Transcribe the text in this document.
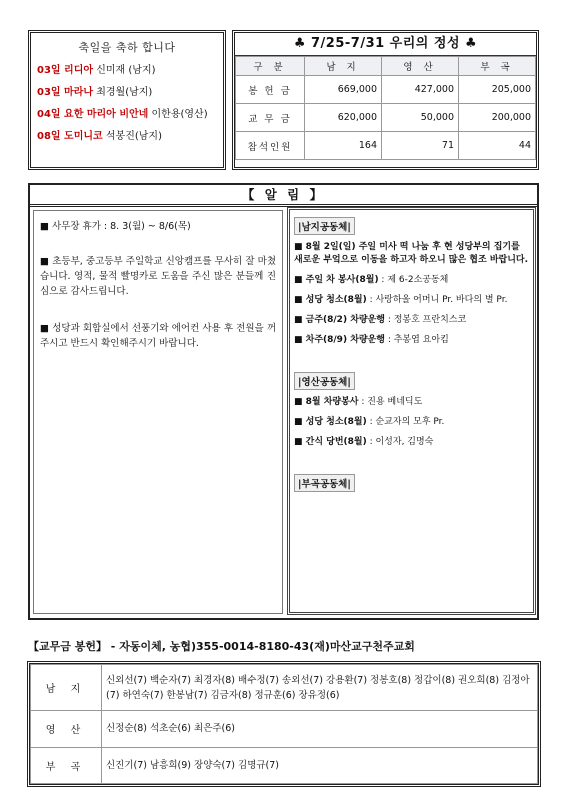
축일을 축하 합니다
03일 리디아 신미재 (남지)
03일 마라나 최경월(남지)
04일 요한 마리아 비안네 이한용(영산)
08일 도미니코 석봉진(남지)
♣ 7/25-7/31 우리의 정성 ♣
구 분	남 지	영 산	부 곡
봉 헌 금	669,000	427,000	205,000
교 무 금	620,000	50,000	200,000
참석인원	164	71	44
【 알 림 】

■ 사무장 휴가 : 8. 3(월) ~ 8/6(목)

■ 초등부, 중고등부 주일학교 신앙캠프를 무사히 잘 마쳤습니다. 영적, 물적 빨명카로 도움을 주신 많은 분들께 진심으로 감사드립니다.

■ 성당과 회합실에서 선풍기와 에어컨 사용 후 전원을 꺼주시고 반드시 확인해주시기 바랍니다.

|남지공동체|

■ 8월 2일(일) 주일 미사 떡 나눔 후 현 성당부의 집기를 새로운 부엌으로 이동을 하고자 하오니 많은 협조 바랍니다.

■ 주일 차 봉사(8월) : 제 6-2소공동체

■ 성당 청소(8월) : 사랑하올 어머니 Pr. 바다의 별 Pr.

■ 금주(8/2) 차량운행 : 정봉호 프란치스코

■ 차주(8/9) 차량운행 : 추봉엽 요아킴

|영산공동체|

■ 8월 차량봉사 : 진용 베네딕도

■ 성당 청소(8월) : 순교자의 모후 Pr.

■ 간식 당번(8월) : 이성자, 김명숙

|부곡공동체|
【교무금 봉헌】 - 자동이체, 농협)355-0014-8180-43(재)마산교구천주교회
남 지	신외선(7) 백순자(7) 최경자(8) 배수정(7) 송외선(7) 강용환(7) 정봉호(8) 정갑이(8) 권오희(8) 김정아(7) 하연숙(7) 한봉남(7) 김금자(8) 정규훈(6) 장유정(6)
영 산	신정순(8) 석초순(6) 최은주(6)
부 곡	신진기(7) 남흥희(9) 장양숙(7) 김명규(7)
